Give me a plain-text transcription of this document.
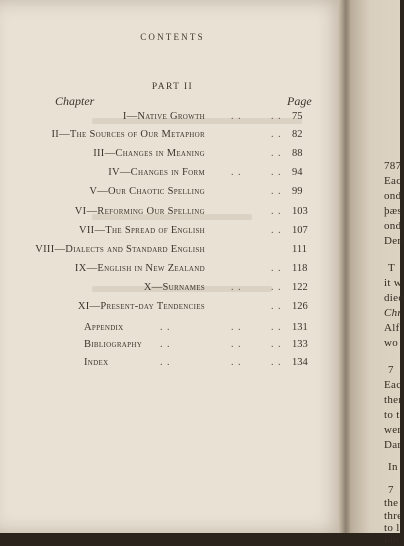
CONTENTS
PART II
Chapter	Page
I—Native Growth	. .	. . 75
II—The Sources of Our Metaphor	. . 82
III—Changes in Meaning	. . 88
IV—Changes in Form	. .	. . 94
V—Our Chaotic Spelling	. . 99
VI—Reforming Our Spelling	. . 103
VII—The Spread of English	. . 107
VIII—Dialects and Standard English	111
IX—English in New Zealand	. . 118
X—Surnames	. .	. . 122
XI—Present-day Tendencies	. . 126
Appendix	. .	. .	. . 131
Bibliography . .	. .	. . 133
Index	. .	. .	. . 134
787
Eac
ond
þæs
ond
Den
T
it w
died
Chr
Alf
wo
7
Eac
ther
to t
wer
Dar
In
7
the
thre
to l
kin
